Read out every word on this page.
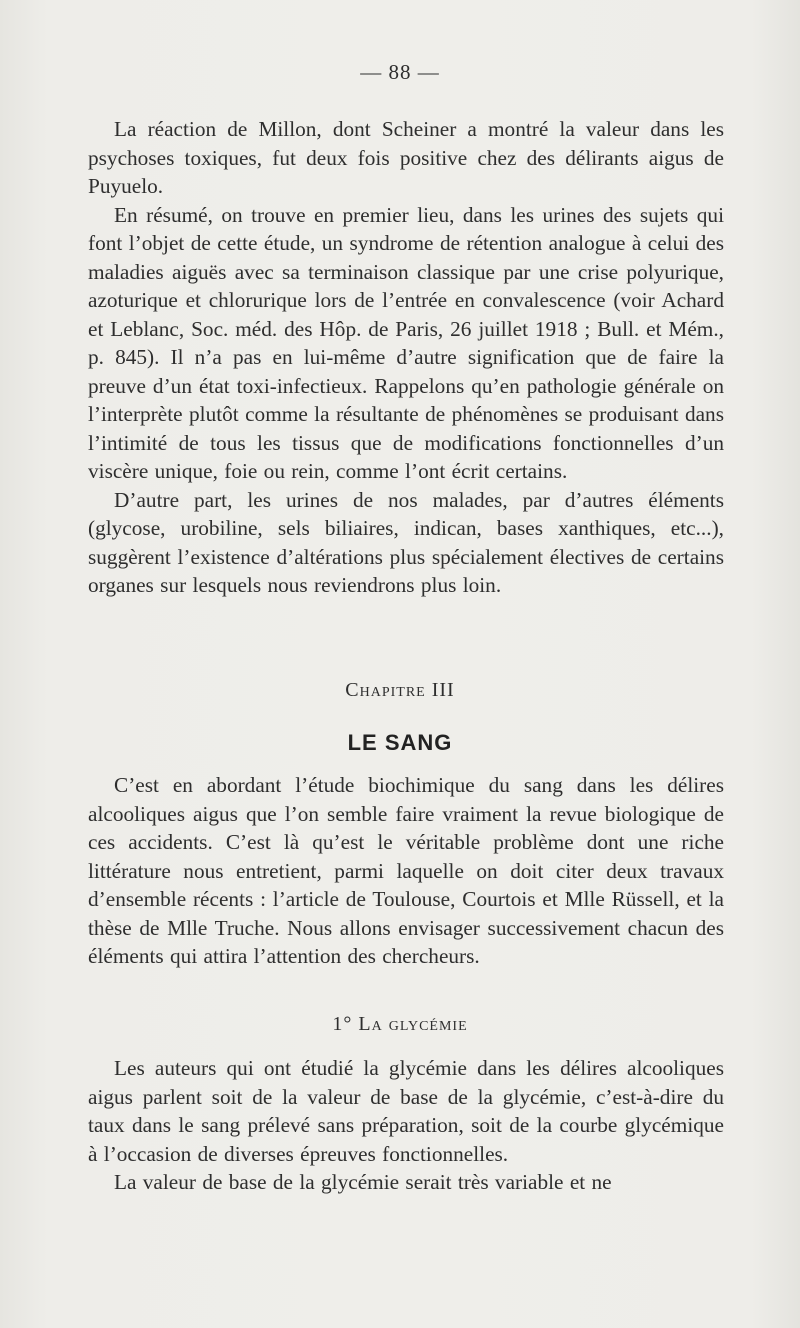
— 88 —

La réaction de Millon, dont Scheiner a montré la valeur dans les psychoses toxiques, fut deux fois positive chez des délirants aigus de Puyuelo.

En résumé, on trouve en premier lieu, dans les urines des sujets qui font l’objet de cette étude, un syndrome de rétention analogue à celui des maladies aiguës avec sa terminaison classique par une crise polyurique, azoturique et chlorurique lors de l’entrée en convalescence (voir Achard et Leblanc, Soc. méd. des Hôp. de Paris, 26 juillet 1918 ; Bull. et Mém., p. 845). Il n’a pas en lui-même d’autre signification que de faire la preuve d’un état toxi-infectieux. Rappelons qu’en pathologie générale on l’interprète plutôt comme la résultante de phénomènes se produisant dans l’intimité de tous les tissus que de modifications fonctionnelles d’un viscère unique, foie ou rein, comme l’ont écrit certains.

D’autre part, les urines de nos malades, par d’autres éléments (glycose, urobiline, sels biliaires, indican, bases xanthiques, etc...), suggèrent l’existence d’altérations plus spécialement électives de certains organes sur lesquels nous reviendrons plus loin.

Chapitre III
LE SANG

C’est en abordant l’étude biochimique du sang dans les délires alcooliques aigus que l’on semble faire vraiment la revue biologique de ces accidents. C’est là qu’est le véritable problème dont une riche littérature nous entretient, parmi laquelle on doit citer deux travaux d’ensemble récents : l’article de Toulouse, Courtois et Mlle Rüssell, et la thèse de Mlle Truche. Nous allons envisager successivement chacun des éléments qui attira l’attention des chercheurs.

1° La glycémie

Les auteurs qui ont étudié la glycémie dans les délires alcooliques aigus parlent soit de la valeur de base de la glycémie, c’est-à-dire du taux dans le sang prélevé sans préparation, soit de la courbe glycémique à l’occasion de diverses épreuves fonctionnelles.

La valeur de base de la glycémie serait très variable et ne
